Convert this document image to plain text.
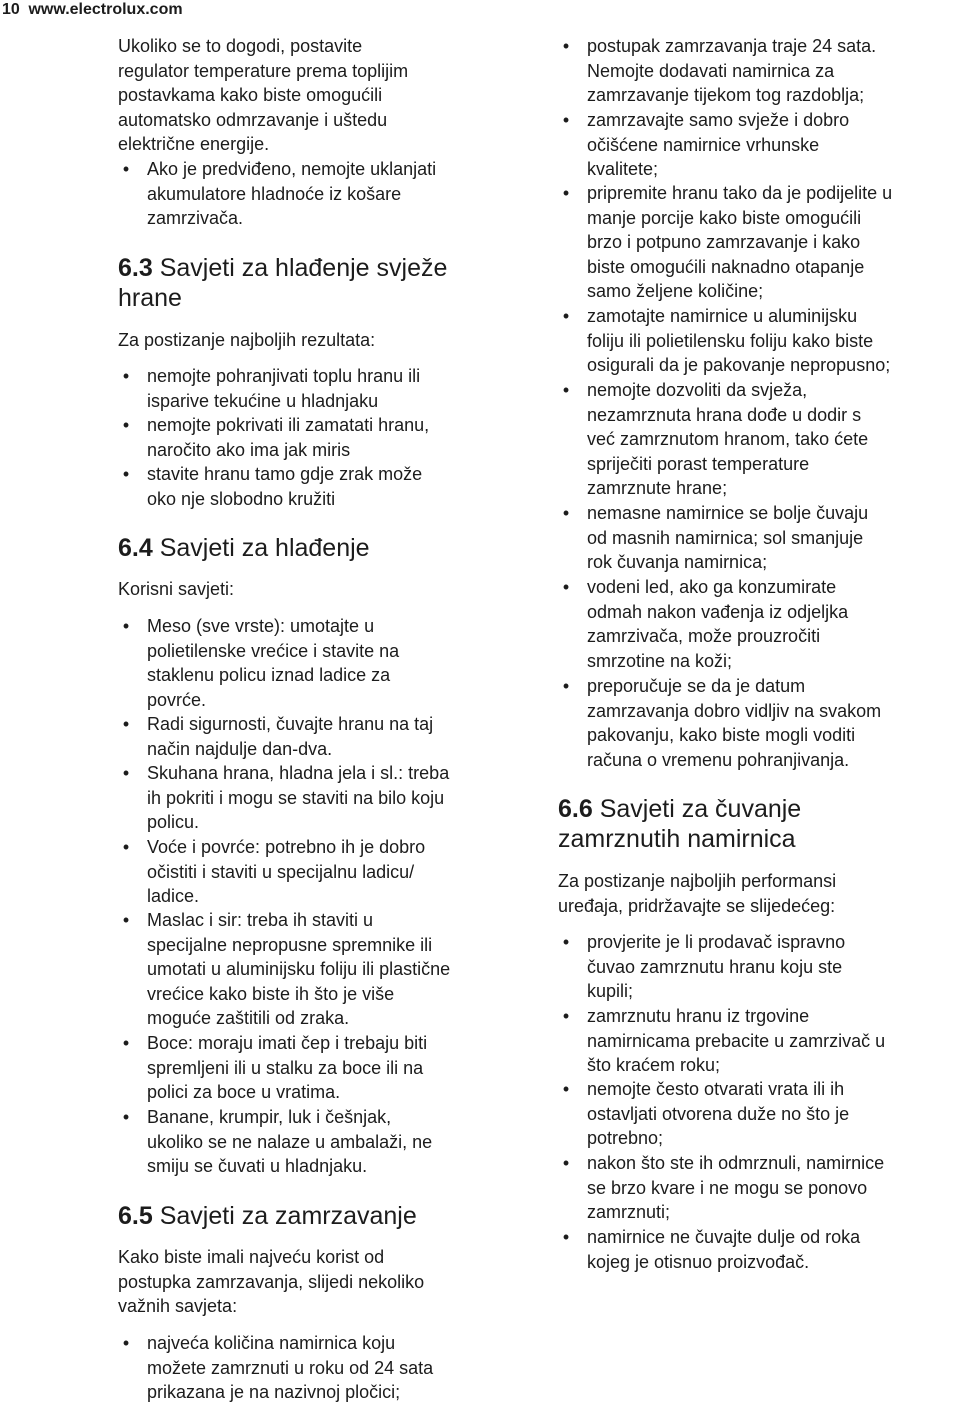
10 www.electrolux.com

Ukoliko se to dogodi, postavite
regulator temperature prema toplijim
postavkama kako biste omogućili
automatsko odmrzavanje i uštedu
električne energije.

• Ako je predviđeno, nemojte uklanjati
akumulatore hladnoće iz košare
zamrzivača.

6.3 Savjeti za hlađenje svježe
hrane

Za postizanje najboljih rezultata:

• nemojte pohranjivati toplu hranu ili
isparive tekućine u hladnjaku

• nemojte pokrivati ili zamatati hranu,
naročito ako ima jak miris

• stavite hranu tamo gdje zrak može
oko nje slobodno kružiti

6.4 Savjeti za hlađenje

Korisni savjeti:

• Meso (sve vrste): umotajte u
polietilenske vrećice i stavite na
staklenu policu iznad ladice za
povrće.

• Radi sigurnosti, čuvajte hranu na taj
način najdulje dan-dva.

• Skuhana hrana, hladna jela i sl.: treba
ih pokriti i mogu se staviti na bilo koju
policu.

• Voće i povrće: potrebno ih je dobro
očistiti i staviti u specijalnu ladicu/
ladice.

• Maslac i sir: treba ih staviti u
specijalne nepropusne spremnike ili
umotati u aluminijsku foliju ili plastične
vrećice kako biste ih što je više
moguće zaštitili od zraka.

• Boce: moraju imati čep i trebaju biti
spremljeni ili u stalku za boce ili na
polici za boce u vratima.

• Banane, krumpir, luk i češnjak,
ukoliko se ne nalaze u ambalaži, ne
smiju se čuvati u hladnjaku.

6.5 Savjeti za zamrzavanje

Kako biste imali najveću korist od
postupka zamrzavanja, slijedi nekoliko
važnih savjeta:

• najveća količina namirnica koju
možete zamrznuti u roku od 24 sata
prikazana je na nazivnoj pločici;

• postupak zamrzavanja traje 24 sata.
Nemojte dodavati namirnica za
zamrzavanje tijekom tog razdoblja;

• zamrzavajte samo svježe i dobro
očišćene namirnice vrhunske
kvalitete;

• pripremite hranu tako da je podijelite u
manje porcije kako biste omogućili
brzo i potpuno zamrzavanje i kako
biste omogućili naknadno otapanje
samo željene količine;

• zamotajte namirnice u aluminijsku
foliju ili polietilensku foliju kako biste
osigurali da je pakovanje nepropusno;

• nemojte dozvoliti da svježa,
nezamrznuta hrana dođe u dodir s
već zamrznutom hranom, tako ćete
spriječiti porast temperature
zamrznute hrane;

• nemasne namirnice se bolje čuvaju
od masnih namirnica; sol smanjuje
rok čuvanja namirnica;

• vodeni led, ako ga konzumirate
odmah nakon vađenja iz odjeljka
zamrzivača, može prouzročiti
smrzotine na koži;

• preporučuje se da je datum
zamrzavanja dobro vidljiv na svakom
pakovanju, kako biste mogli voditi
računa o vremenu pohranjivanja.

6.6 Savjeti za čuvanje
zamrznutih namirnica

Za postizanje najboljih performansi
uređaja, pridržavajte se slijedećeg:

• provjerite je li prodavač ispravno
čuvao zamrznutu hranu koju ste
kupili;

• zamrznutu hranu iz trgovine
namirnicama prebacite u zamrzivač u
što kraćem roku;

• nemojte često otvarati vrata ili ih
ostavljati otvorena duže no što je
potrebno;

• nakon što ste ih odmrznuli, namirnice
se brzo kvare i ne mogu se ponovo
zamrznuti;

• namirnice ne čuvajte dulje od roka
kojeg je otisnuo proizvođač.
